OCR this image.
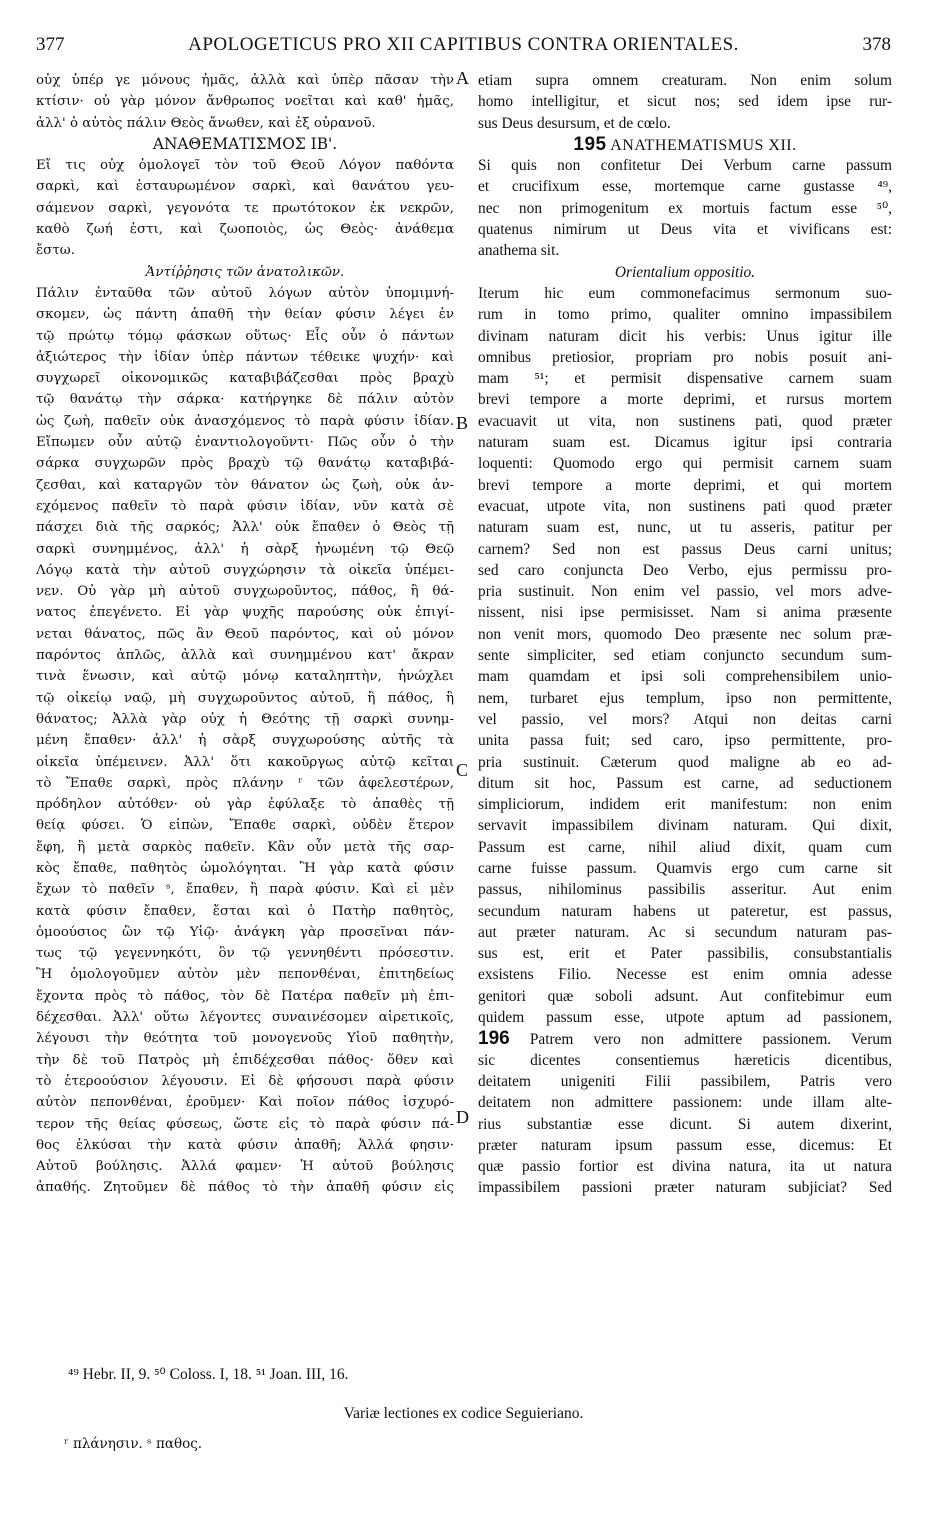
377	APOLOGETICUS PRO XII CAPITIBUS CONTRA ORIENTALES.	378
οὐχ ὑπέρ γε μόνους ἡμᾶς, ἀλλὰ καὶ ὑπὲρ πᾶσαν τὴν
κτίσιν· οὐ γὰρ μόνον ἄνθρωπος νοεῖται καὶ καθ' ἡμᾶς,
ἀλλ' ὁ αὐτὸς πάλιν Θεὸς ἄνωθεν, καὶ ἐξ οὐρανοῦ.
ΑΝΑΘΕΜΑΤΙΣΜΟΣ ΙΒ'.
Εἴ τις οὐχ ὁμολογεῖ τὸν τοῦ Θεοῦ Λόγον παθόντα
σαρκὶ, καὶ ἐσταυρωμένον σαρκὶ, καὶ θανάτου γευ-
σάμενον σαρκὶ, γεγονότα τε πρωτότοκον ἐκ νεκρῶν,
καθὸ ζωή ἐστι, καὶ ζωοποιὸς, ὡς Θεὸς· ἀνάθεμα
ἔστω.
Ἀντίῤῥησις τῶν ἀνατολικῶν.
Πάλιν ἐνταῦθα τῶν αὐτοῦ λόγων αὐτὸν ὑπομιμνή-
σκομεν, ὡς πάντη ἀπαθῆ τὴν θείαν φύσιν λέγει ἐν
τῷ πρώτῳ τόμῳ φάσκων οὕτως· Εἷς οὖν ὁ πάντων
ἀξιώτερος τὴν ἰδίαν ὑπὲρ πάντων τέθεικε ψυχήν· καὶ
συγχωρεῖ οἰκονομικῶς καταβιβάζεσθαι πρὸς βραχὺ
τῷ θανάτῳ τὴν σάρκα· κατήργηκε δὲ πάλιν αὐτὸν
ὡς ζωὴ, παθεῖν οὐκ ἀνασχόμενος τὸ παρὰ φύσιν ἰδίαν.
Εἴπωμεν οὖν αὐτῷ ἐναντιολογοῦντι· Πῶς οὖν ὁ τὴν
σάρκα συγχωρῶν πρὸς βραχὺ τῷ θανάτῳ καταβιβά-
ζεσθαι, καὶ καταργῶν τὸν θάνατον ὡς ζωὴ, οὐκ ἀν-
εχόμενος παθεῖν τὸ παρὰ φύσιν ἰδίαν, νῦν κατὰ σὲ
πάσχει διὰ τῆς σαρκός; Ἀλλ' οὐκ ἔπαθεν ὁ Θεὸς τῇ
σαρκὶ συνημμένος, ἀλλ' ἡ σὰρξ ἡνωμένη τῷ Θεῷ
Λόγῳ κατὰ τὴν αὐτοῦ συγχώρησιν τὰ οἰκεῖα ὑπέμει-
νεν. Οὐ γὰρ μὴ αὐτοῦ συγχωροῦντος, πάθος, ἢ θά-
νατος ἐπεγένετο. Εἰ γὰρ ψυχῆς παρούσης οὐκ ἐπιγί-
νεται θάνατος, πῶς ἂν Θεοῦ παρόντος, καὶ οὐ μόνον
παρόντος ἁπλῶς, ἀλλὰ καὶ συνημμένου κατ' ἄκραν
τινὰ ἕνωσιν, καὶ αὐτῷ μόνῳ καταληπτὴν, ἠνώχλει
τῷ οἰκείῳ ναῷ, μὴ συγχωροῦντος αὐτοῦ, ἢ πάθος, ἢ
θάνατος; Ἀλλὰ γὰρ οὐχ ἡ Θεότης τῇ σαρκὶ συνημ-
μένη ἔπαθεν· ἀλλ' ἡ σὰρξ συγχωρούσης αὐτῆς τὰ
οἰκεῖα ὑπέμεινεν. Ἀλλ' ὅτι κακοῦργως αὐτῷ κεῖται
τὸ Ἔπαθε σαρκὶ, πρὸς πλάνην ʳ τῶν ἀφελεστέρων,
πρόδηλον αὐτόθεν· οὐ γὰρ ἐφύλαξε τὸ ἀπαθὲς τῇ
θείᾳ φύσει. Ὁ εἰπὼν, Ἔπαθε σαρκὶ, οὐδὲν ἕτερον
ἔφη, ἢ μετὰ σαρκὸς παθεῖν. Κἂν οὖν μετὰ τῆς σαρ-
κὸς ἔπαθε, παθητὸς ὡμολόγηται. Ἢ γὰρ κατὰ φύσιν
ἔχων τὸ παθεῖν ˢ, ἔπαθεν, ἢ παρὰ φύσιν. Καὶ εἰ μὲν
κατὰ φύσιν ἔπαθεν, ἔσται καὶ ὁ Πατὴρ παθητὸς,
ὁμοούσιος ὢν τῷ Υἱῷ· ἀνάγκη γὰρ προσεῖναι πάν-
τως τῷ γεγεννηκότι, ὃν τῷ γεννηθέντι πρόσεστιν.
Ἢ ὁμολογοῦμεν αὐτὸν μὲν πεπονθέναι, ἐπιτηδείως
ἔχοντα πρὸς τὸ πάθος, τὸν δὲ Πατέρα παθεῖν μὴ ἐπι-
δέχεσθαι. Ἀλλ' οὕτω λέγοντες συναινέσομεν αἱρετικοῖς,
λέγουσι τὴν θεότητα τοῦ μονογενοῦς Υἱοῦ παθητὴν,
τὴν δὲ τοῦ Πατρὸς μὴ ἐπιδέχεσθαι πάθος· ὅθεν καὶ
τὸ ἑτεροούσιον λέγουσιν. Εἰ δὲ φήσουσι παρὰ φύσιν
αὐτὸν πεπονθέναι, ἐροῦμεν· Καὶ ποῖον πάθος ἰσχυρό-
τερον τῆς θείας φύσεως, ὥστε εἰς τὸ παρὰ φύσιν πά-
θος ἑλκύσαι τὴν κατὰ φύσιν ἀπαθῆ; Ἀλλά φησιν·
Αὐτοῦ βούλησις. Ἀλλά φαμεν· Ἡ αὐτοῦ βούλησις
ἀπαθής. Ζητοῦμεν δὲ πάθος τὸ τὴν ἀπαθῆ φύσιν εἰς
etiam supra omnem creaturam. Non enim solum
homo intelligitur, et sicut nos; sed idem ipse rur-
sus Deus desursum, et de cœlo.
195 ANATHEMATISMUS XII.
Si quis non confitetur Dei Verbum carne passum
et crucifixum esse, mortemque carne gustasse ⁴⁹,
nec non primogenitum ex mortuis factum esse ⁵⁰,
quatenus nimirum ut Deus vita et vivificans est:
anathema sit.
Orientalium oppositio.
Iterum hic eum commonefacimus sermonum suo-
rum in tomo primo, qualiter omnino impassibilem
divinam naturam dicit his verbis: Unus igitur ille
omnibus pretiosior, propriam pro nobis posuit ani-
mam ⁵¹; et permisit dispensative carnem suam
brevi tempore a morte deprimi, et rursus mortem
evacuavit ut vita, non sustinens pati, quod præter
naturam suam est. Dicamus igitur ipsi contraria
loquenti: Quomodo ergo qui permisit carnem suam
brevi tempore a morte deprimi, et qui mortem
evacuat, utpote vita, non sustinens pati quod præter
naturam suam est, nunc, ut tu asseris, patitur per
carnem? Sed non est passus Deus carni unitus;
sed caro conjuncta Deo Verbo, ejus permissu pro-
pria sustinuit. Non enim vel passio, vel mors adve-
nissent, nisi ipse permisisset. Nam si anima præsente
non venit mors, quomodo Deo præsente nec solum præ-
sente simpliciter, sed etiam conjuncto secundum sum-
mam quamdam et ipsi soli comprehensibilem unio-
nem, turbaret ejus templum, ipso non permittente,
vel passio, vel mors? Atqui non deitas carni
unita passa fuit; sed caro, ipso permittente, pro-
pria sustinuit. Cæterum quod maligne ab eo ad-
ditum sit hoc, Passum est carne, ad seductionem
simpliciorum, indidem erit manifestum: non enim
servavit impassibilem divinam naturam. Qui dixit,
Passum est carne, nihil aliud dixit, quam cum
carne fuisse passum. Quamvis ergo cum carne sit
passus, nihilominus passibilis asseritur. Aut enim
secundum naturam habens ut pateretur, est passus,
aut præter naturam. Ac si secundum naturam pas-
sus est, erit et Pater passibilis, consubstantialis
exsistens Filio. Necesse est enim omnia adesse
genitori quæ soboli adsunt. Aut confitebimur eum
quidem passum esse, utpote aptum ad passionem,
196 Patrem vero non admittere passionem. Verum
sic dicentes consentiemus hæreticis dicentibus,
deitatem unigeniti Filii passibilem, Patris vero
deitatem non admittere passionem: unde illam alte-
rius substantiæ esse dicunt. Si autem dixerint,
præter naturam ipsum passum esse, dicemus: Et
quæ passio fortior est divina natura, ita ut natura
impassibilem passioni præter naturam subjiciat? Sed
A
B
C
D
⁴⁹ Hebr. II, 9. ⁵⁰ Coloss. I, 18. ⁵¹ Joan. III, 16.
Variæ lectiones ex codice Seguieriano.
ʳ πλάνησιν. ˢ παθος.
